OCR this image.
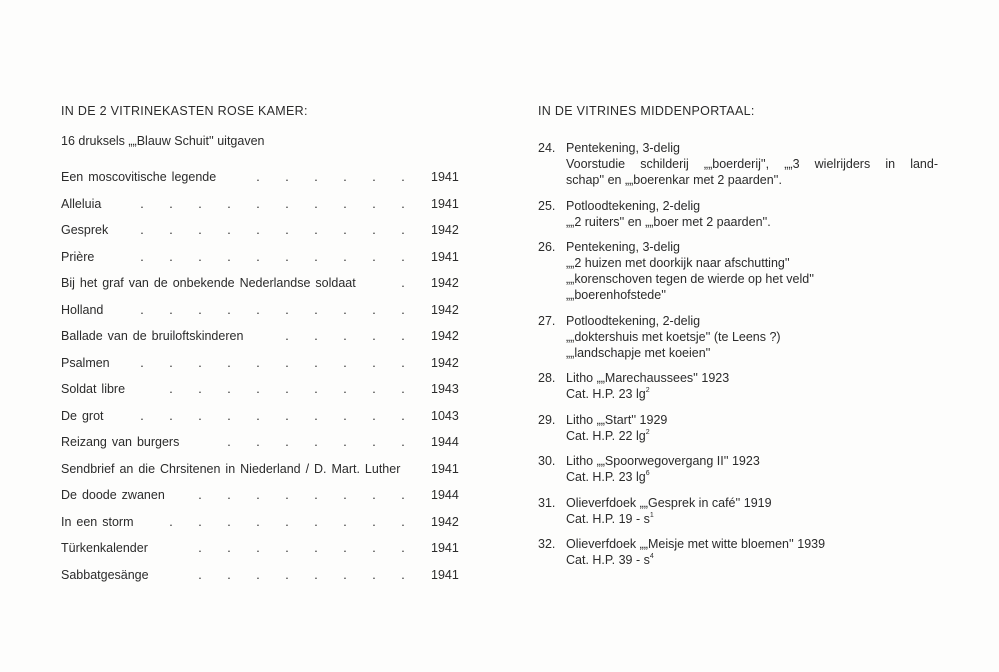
IN DE 2 VITRINEKASTEN ROSE KAMER:
16 druksels „„Blauw Schuit'' uitgaven
. . . . . .
Een moscovitische legende	1941
. . . . . . . . . .
Alleluia	1941
. . . . . . . . . .
Gesprek	1942
. . . . . . . . . .
Prière	1941
.
Bij het graf van de onbekende Nederlandse soldaat	1942
. . . . . . . . . .
Holland	1942
. . . . .
Ballade van de bruiloftskinderen	1942
. . . . . . . . . .
Psalmen	1942
. . . . . . . . .
Soldat libre	1943
. . . . . . . . . .
De grot	1043
. . . . . . .
Reizang van burgers	1944
Sendbrief an die Chrsitenen in Niederland / D. Mart. Luther 1941
. . . . . . . .
De doode zwanen	1944
. . . . . . . . .
In een storm	1942
. . . . . . . .
Türkenkalender	1941
. . . . . . . .
Sabbatgesänge	1941
IN DE VITRINES MIDDENPORTAAL:
24. Pentekening, 3-delig
Voorstudie schilderij „„boerderij'', „„3 wielrijders in land-
schap'' en „„boerenkar met 2 paarden''.
25. Potloodtekening, 2-delig
„„2 ruiters'' en „„boer met 2 paarden''.
26. Pentekening, 3-delig
„„2 huizen met doorkijk naar afschutting''
„„korenschoven tegen de wierde op het veld''
„„boerenhofstede''
27. Potloodtekening, 2-delig
„„doktershuis met koetsje'' (te Leens ?)
„„landschapje met koeien''
28. Litho „„Marechaussees'' 1923
Cat. H.P. 23 $\lg^2$
29. Litho „„Start'' 1929
Cat. H.P. 22 $\lg^2$
30. Litho „„Spoorwegovergang II'' 1923
Cat. H.P. 23 $\lg^6$
31. Olieverfdoek „„Gesprek in café'' 1919
Cat. H.P. $19 - s^1$
32. Olieverfdoek „„Meisje met witte bloemen'' 1939
Cat. H.P. $39 - s^4$
